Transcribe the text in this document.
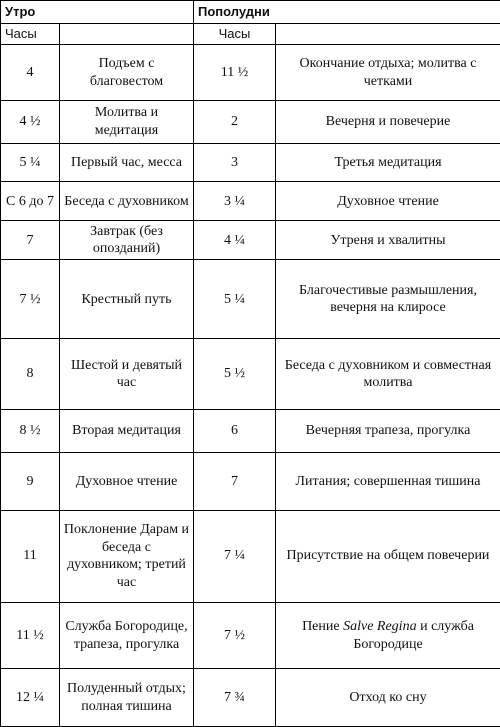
Утро		Пополудни	
Часы		Часы	
4	Подъем с благовестом	11 ½	Окончание отдыха; молитва с четками
4 ½	Молитва и медитация	2	Вечерня и повечерие
5 ¼	Первый час, месса	3	Третья медитация
С 6 до 7	Беседа с духовником	3 ¼	Духовное чтение
7	Завтрак (без опозданий)	4 ¼	Утреня и хвалитны
7 ½	Крестный путь	5 ¼	Благочестивые размышления, вечерня на клиросе
8	Шестой и девятый час	5 ½	Беседа с духовником и совместная молитва
8 ½	Вторая медитация	6	Вечерняя трапеза, прогулка
9	Духовное чтение	7	Литания; совершенная тишина
11	Поклонение Дарам и беседа с духовником; третий час	7 ¼	Присутствие на общем повечерии
11 ½	Служба Богородице, трапеза, прогулка	7 ½	Пение Salve Regina и служба Богородице
12 ¼	Полуденный отдых; полная тишина	7 ¾	Отход ко сну
